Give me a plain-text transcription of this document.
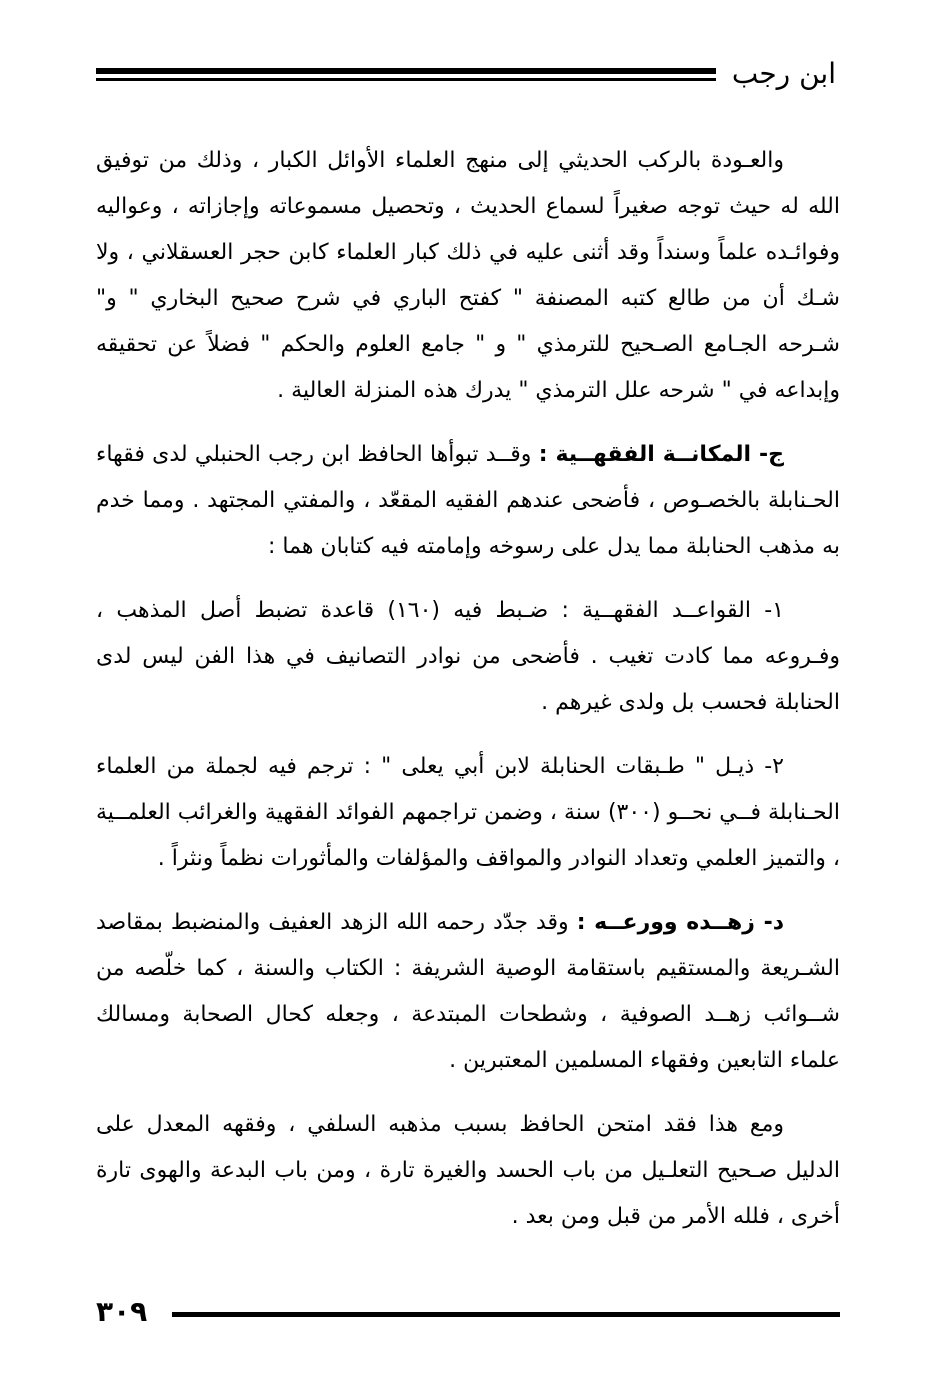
ابن رجب

والعـودة بالركب الحديثي إلى منهج العلماء الأوائل الكبار ، وذلك من توفيق الله له حيث توجه صغيراً لسماع الحديث ، وتحصيل مسموعاته وإجازاته ، وعواليه وفوائـده علماً وسنداً وقد أثنى عليه في ذلك كبار العلماء كابن حجر العسقلاني ، ولا شـك أن من طالع كتبه المصنفة " كفتح الباري في شرح صحيح البخاري " و" شـرحه الجـامع الصـحيح للترمذي " و " جامع العلوم والحكم " فضلاً عن تحقيقه وإبداعه في " شرحه علل الترمذي " يدرك هذه المنزلة العالية .

ج- المكانــة الفقهــية : وقــد تبوأها الحافظ ابن رجب الحنبلي لدى فقهاء الحـنابلة بالخصـوص ، فأضحى عندهم الفقيه المقعّد ، والمفتي المجتهد . ومما خدم به مذهب الحنابلة مما يدل على رسوخه وإمامته فيه كتابان هما :

١- القواعــد الفقهــية : ضـبط فيه (١٦٠) قاعدة تضبط أصل المذهب ، وفـروعه مما كادت تغيب . فأضحى من نوادر التصانيف في هذا الفن ليس لدى الحنابلة فحسب بل ولدى غيرهم .

٢- ذيـل " طـبقات الحنابلة لابن أبي يعلى " : ترجم فيه لجملة من العلماء الحـنابلة فــي نحــو (٣٠٠) سنة ، وضمن تراجمهم الفوائد الفقهية والغرائب العلمــية ، والتميز العلمي وتعداد النوادر والمواقف والمؤلفات والمأثورات نظماً ونثراً .

د- زهــده وورعــه : وقد جدّد رحمه الله الزهد العفيف والمنضبط بمقاصد الشـريعة والمستقيم باستقامة الوصية الشريفة : الكتاب والسنة ، كما خلّصه من شــوائب زهــد الصوفية ، وشطحات المبتدعة ، وجعله كحال الصحابة ومسالك علماء التابعين وفقهاء المسلمين المعتبرين .

ومع هذا فقد امتحن الحافظ بسبب مذهبه السلفي ، وفقهه المعدل على الدليل صـحيح التعلـيل من باب الحسد والغيرة تارة ، ومن باب البدعة والهوى تارة أخرى ، فلله الأمر من قبل ومن بعد .

٣٠٩
